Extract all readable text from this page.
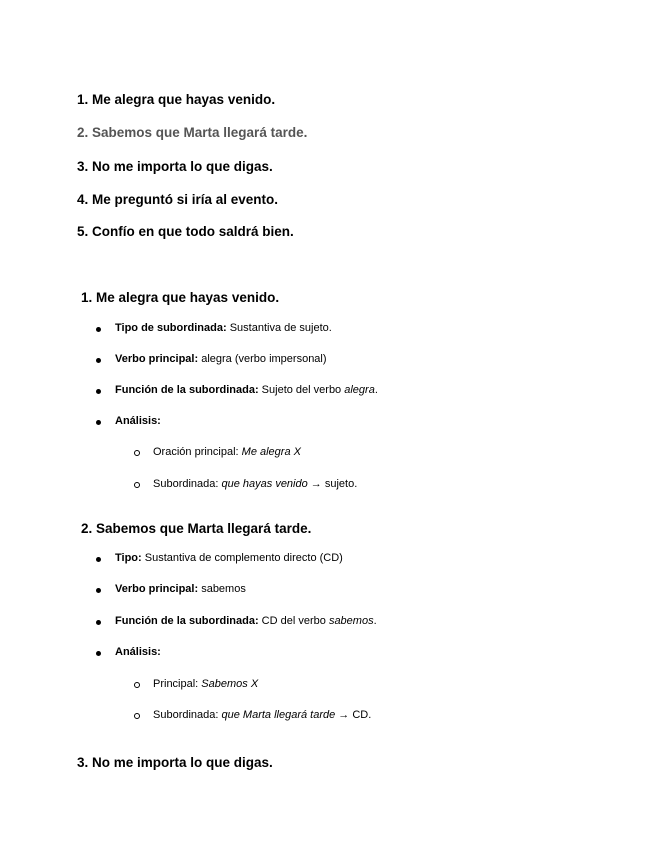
1. Me alegra que hayas venido.
2. Sabemos que Marta llegará tarde.
3. No me importa lo que digas.
4. Me preguntó si iría al evento.
5. Confío en que todo saldrá bien.
1. Me alegra que hayas venido.
Tipo de subordinada: Sustantiva de sujeto.
Verbo principal: alegra (verbo impersonal)
Función de la subordinada: Sujeto del verbo alegra.
Análisis:
Oración principal: Me alegra X
Subordinada: que hayas venido → sujeto.
2. Sabemos que Marta llegará tarde.
Tipo: Sustantiva de complemento directo (CD)
Verbo principal: sabemos
Función de la subordinada: CD del verbo sabemos.
Análisis:
Principal: Sabemos X
Subordinada: que Marta llegará tarde → CD.
3. No me importa lo que digas.
